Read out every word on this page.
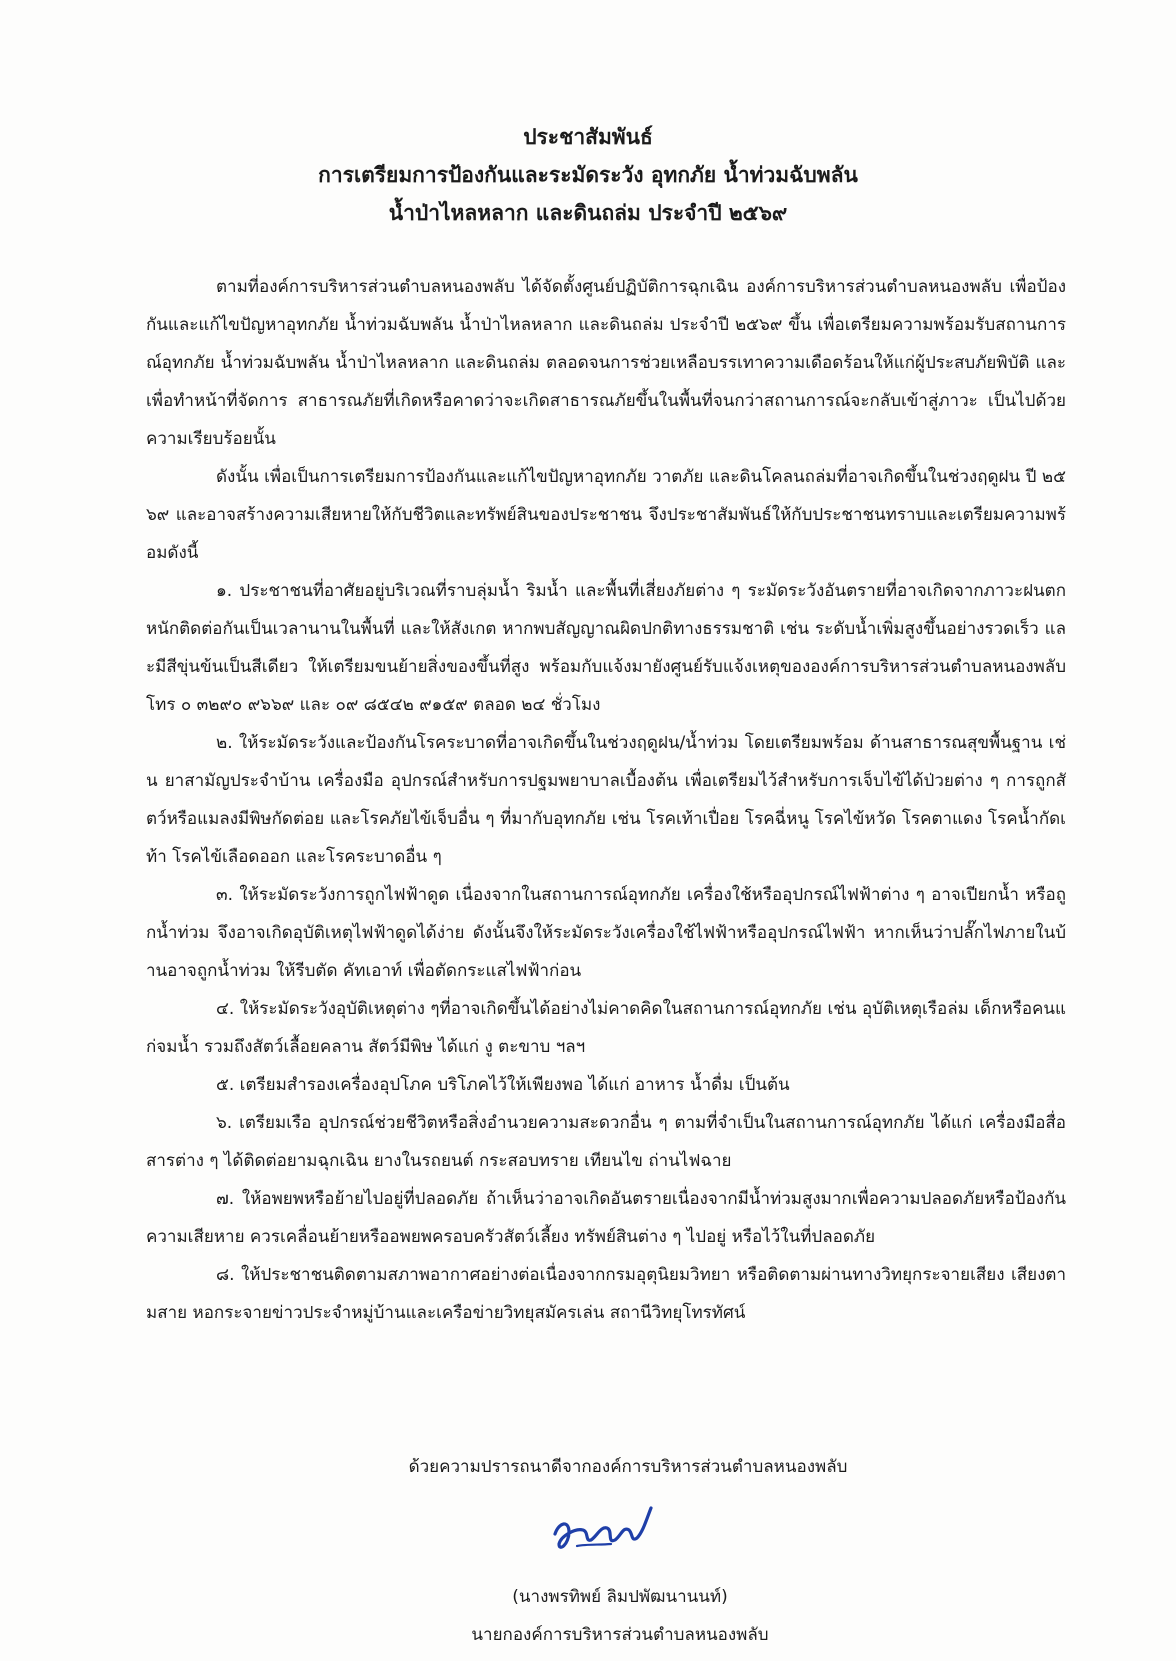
ประชาสัมพันธ์
การเตรียมการป้องกันและระมัดระวัง อุทกภัย น้ำท่วมฉับพลัน
น้ำป่าไหลหลาก และดินถล่ม ประจำปี ๒๕๖๙

ตามที่องค์การบริหารส่วนตำบลหนองพลับ ได้จัดตั้งศูนย์ปฏิบัติการฉุกเฉิน องค์การบริหารส่วนตำบลหนองพลับ เพื่อป้องกันและแก้ไขปัญหาอุทกภัย น้ำท่วมฉับพลัน น้ำป่าไหลหลาก และดินถล่ม ประจำปี ๒๕๖๙ ขึ้น เพื่อเตรียมความพร้อมรับสถานการณ์อุทกภัย น้ำท่วมฉับพลัน น้ำป่าไหลหลาก และดินถล่ม ตลอดจนการช่วยเหลือบรรเทาความเดือดร้อนให้แก่ผู้ประสบภัยพิบัติ และเพื่อทำหน้าที่จัดการ สาธารณภัยที่เกิดหรือคาดว่าจะเกิดสาธารณภัยขึ้นในพื้นที่จนกว่าสถานการณ์จะกลับเข้าสู่ภาวะ เป็นไปด้วย ความเรียบร้อยนั้น

ดังนั้น เพื่อเป็นการเตรียมการป้องกันและแก้ไขปัญหาอุทกภัย วาตภัย และดินโคลนถล่มที่อาจเกิดขึ้นในช่วงฤดูฝน ปี ๒๕๖๙ และอาจสร้างความเสียหายให้กับชีวิตและทรัพย์สินของประชาชน จึงประชาสัมพันธ์ให้กับประชาชนทราบและเตรียมความพร้อมดังนี้

๑. ประชาชนที่อาศัยอยู่บริเวณที่ราบลุ่มน้ำ ริมน้ำ และพื้นที่เสี่ยงภัยต่าง ๆ ระมัดระวังอันตรายที่อาจเกิดจากภาวะฝนตกหนักติดต่อกันเป็นเวลานานในพื้นที่ และให้สังเกต หากพบสัญญาณผิดปกติทางธรรมชาติ เช่น ระดับน้ำเพิ่มสูงขึ้นอย่างรวดเร็ว และมีสีขุ่นข้นเป็นสีเดียว ให้เตรียมขนย้ายสิ่งของขึ้นที่สูง พร้อมกับแจ้งมายังศูนย์รับแจ้งเหตุขององค์การบริหารส่วนตำบลหนองพลับ โทร ๐ ๓๒๙๐ ๙๖๖๙ และ ๐๙ ๘๕๔๒ ๙๑๕๙ ตลอด ๒๔ ชั่วโมง

๒. ให้ระมัดระวังและป้องกันโรคระบาดที่อาจเกิดขึ้นในช่วงฤดูฝน/น้ำท่วม โดยเตรียมพร้อม ด้านสาธารณสุขพื้นฐาน เช่น ยาสามัญประจำบ้าน เครื่องมือ อุปกรณ์สำหรับการปฐมพยาบาลเบื้องต้น เพื่อเตรียมไว้สำหรับการเจ็บไข้ได้ป่วยต่าง ๆ การถูกสัตว์หรือแมลงมีพิษกัดต่อย และโรคภัยไข้เจ็บอื่น ๆ ที่มากับอุทกภัย เช่น โรคเท้าเปื่อย โรคฉี่หนู โรคไข้หวัด โรคตาแดง โรคน้ำกัดเท้า โรคไข้เลือดออก และโรคระบาดอื่น ๆ

๓. ให้ระมัดระวังการถูกไฟฟ้าดูด เนื่องจากในสถานการณ์อุทกภัย เครื่องใช้หรืออุปกรณ์ไฟฟ้าต่าง ๆ อาจเปียกน้ำ หรือถูกน้ำท่วม จึงอาจเกิดอุบัติเหตุไฟฟ้าดูดได้ง่าย ดังนั้นจึงให้ระมัดระวังเครื่องใช้ไฟฟ้าหรืออุปกรณ์ไฟฟ้า หากเห็นว่าปลั๊กไฟภายในบ้านอาจถูกน้ำท่วม ให้รีบตัด คัทเอาท์ เพื่อตัดกระแสไฟฟ้าก่อน

๔. ให้ระมัดระวังอุบัติเหตุต่าง ๆที่อาจเกิดขึ้นได้อย่างไม่คาดคิดในสถานการณ์อุทกภัย เช่น อุบัติเหตุเรือล่ม เด็กหรือคนแก่จมน้ำ รวมถึงสัตว์เลื้อยคลาน สัตว์มีพิษ ได้แก่ งู ตะขาบ ฯลฯ

๕. เตรียมสำรองเครื่องอุปโภค บริโภคไว้ให้เพียงพอ ได้แก่ อาหาร น้ำดื่ม เป็นต้น

๖. เตรียมเรือ อุปกรณ์ช่วยชีวิตหรือสิ่งอำนวยความสะดวกอื่น ๆ ตามที่จำเป็นในสถานการณ์อุทกภัย ได้แก่ เครื่องมือสื่อสารต่าง ๆ ได้ติดต่อยามฉุกเฉิน ยางในรถยนต์ กระสอบทราย เทียนไข ถ่านไฟฉาย

๗. ให้อพยพหรือย้ายไปอยู่ที่ปลอดภัย ถ้าเห็นว่าอาจเกิดอันตรายเนื่องจากมีน้ำท่วมสูงมากเพื่อความปลอดภัยหรือป้องกันความเสียหาย ควรเคลื่อนย้ายหรืออพยพครอบครัวสัตว์เลี้ยง ทรัพย์สินต่าง ๆ ไปอยู่ หรือไว้ในที่ปลอดภัย

๘. ให้ประชาชนติดตามสภาพอากาศอย่างต่อเนื่องจากกรมอุตุนิยมวิทยา หรือติดตามผ่านทางวิทยุกระจายเสียง เสียงตามสาย หอกระจายข่าวประจำหมู่บ้านและเครือข่ายวิทยุสมัครเล่น สถานีวิทยุโทรทัศน์

ด้วยความปรารถนาดีจากองค์การบริหารส่วนตำบลหนองพลับ
(นางพรทิพย์ ลิมปพัฒนานนท์)
นายกองค์การบริหารส่วนตำบลหนองพลับ
